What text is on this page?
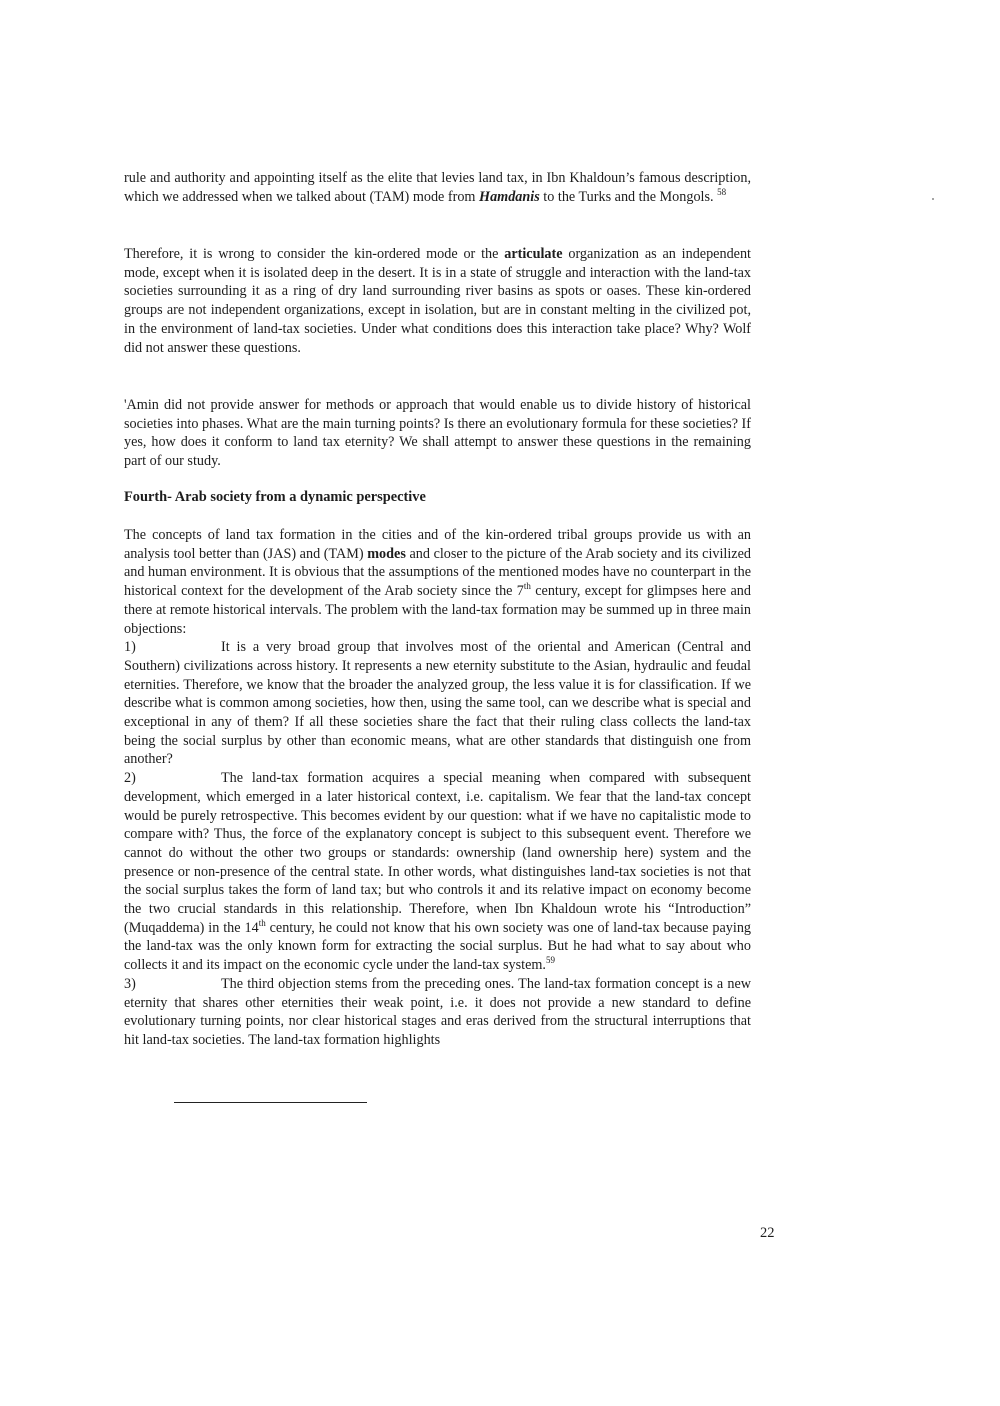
rule and authority and appointing itself as the elite that levies land tax, in Ibn Khaldoun’s famous description, which we addressed when we talked about (TAM) mode from Hamdanis to the Turks and the Mongols. $^{58}$

Therefore, it is wrong to consider the kin-ordered mode or the articulate organization as an independent mode, except when it is isolated deep in the desert. It is in a state of struggle and interaction with the land-tax societies surrounding it as a ring of dry land surrounding river basins as spots or oases. These kin-ordered groups are not independent organizations, except in isolation, but are in constant melting in the civilized pot, in the environment of land-tax societies. Under what conditions does this interaction take place? Why? Wolf did not answer these questions.

'Amin did not provide answer for methods or approach that would enable us to divide history of historical societies into phases. What are the main turning points? Is there an evolutionary formula for these societies? If yes, how does it conform to land tax eternity? We shall attempt to answer these questions in the remaining part of our study.

Fourth- Arab society from a dynamic perspective

The concepts of land tax formation in the cities and of the kin-ordered tribal groups provide us with an analysis tool better than (JAS) and (TAM) modes and closer to the picture of the Arab society and its civilized and human environment. It is obvious that the assumptions of the mentioned modes have no counterpart in the historical context for the development of the Arab society since the 7th century, except for glimpses here and there at remote historical intervals. The problem with the land-tax formation may be summed up in three main objections:

1)	It is a very broad group that involves most of the oriental and American (Central and Southern) civilizations across history. It represents a new eternity substitute to the Asian, hydraulic and feudal eternities. Therefore, we know that the broader the analyzed group, the less value it is for classification. If we describe what is common among societies, how then, using the same tool, can we describe what is special and exceptional in any of them? If all these societies share the fact that their ruling class collects the land-tax being the social surplus by other than economic means, what are other standards that distinguish one from another?

2)	The land-tax formation acquires a special meaning when compared with subsequent development, which emerged in a later historical context, i.e. capitalism. We fear that the land-tax concept would be purely retrospective. This becomes evident by our question: what if we have no capitalistic mode to compare with? Thus, the force of the explanatory concept is subject to this subsequent event. Therefore we cannot do without the other two groups or standards: ownership (land ownership here) system and the presence or non-presence of the central state. In other words, what distinguishes land-tax societies is not that the social surplus takes the form of land tax; but who controls it and its relative impact on economy become the two crucial standards in this relationship. Therefore, when Ibn Khaldoun wrote his “Introduction” (Muqaddema) in the 14th century, he could not know that his own society was one of land-tax because paying the land-tax was the only known form for extracting the social surplus. But he had what to say about who collects it and its impact on the economic cycle under the land-tax system.$^{59}$

3)	The third objection stems from the preceding ones. The land-tax formation concept is a new eternity that shares other eternities their weak point, i.e. it does not provide a new standard to define evolutionary turning points, nor clear historical stages and eras derived from the structural interruptions that hit land-tax societies. The land-tax formation highlights

22
